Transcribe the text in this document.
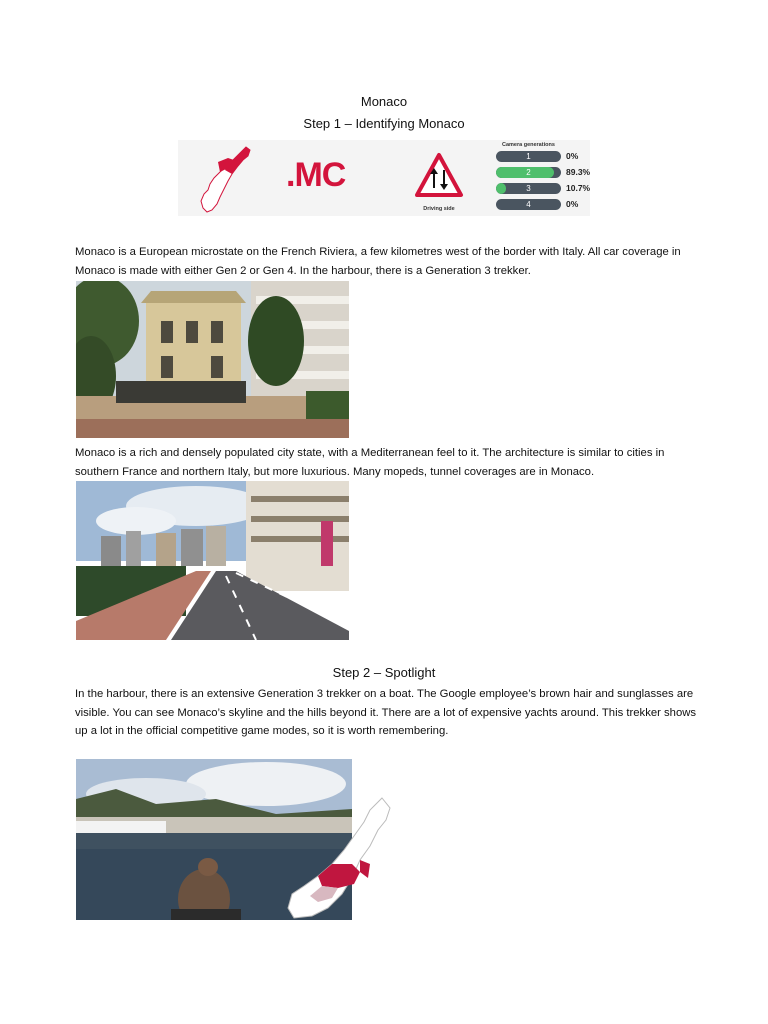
Monaco
Step 1 – Identifying Monaco
.MC
Driving side
Camera generations
1	0%
2	89.3%
3	10.7%
4	0%
Monaco is a European microstate on the French Riviera, a few kilometres west of the border with Italy. All car coverage in Monaco is made with either Gen 2 or Gen 4. In the harbour, there is a Generation 3 trekker.
Monaco is a rich and densely populated city state, with a Mediterranean feel to it. The architecture is similar to cities in southern France and northern Italy, but more luxurious. Many mopeds, tunnel coverages are in Monaco.
Step 2 – Spotlight
In the harbour, there is an extensive Generation 3 trekker on a boat. The Google employee’s brown hair and sunglasses are visible. You can see Monaco’s skyline and the hills beyond it. There are a lot of expensive yachts around. This trekker shows up a lot in the official competitive game modes, so it is worth remembering.
